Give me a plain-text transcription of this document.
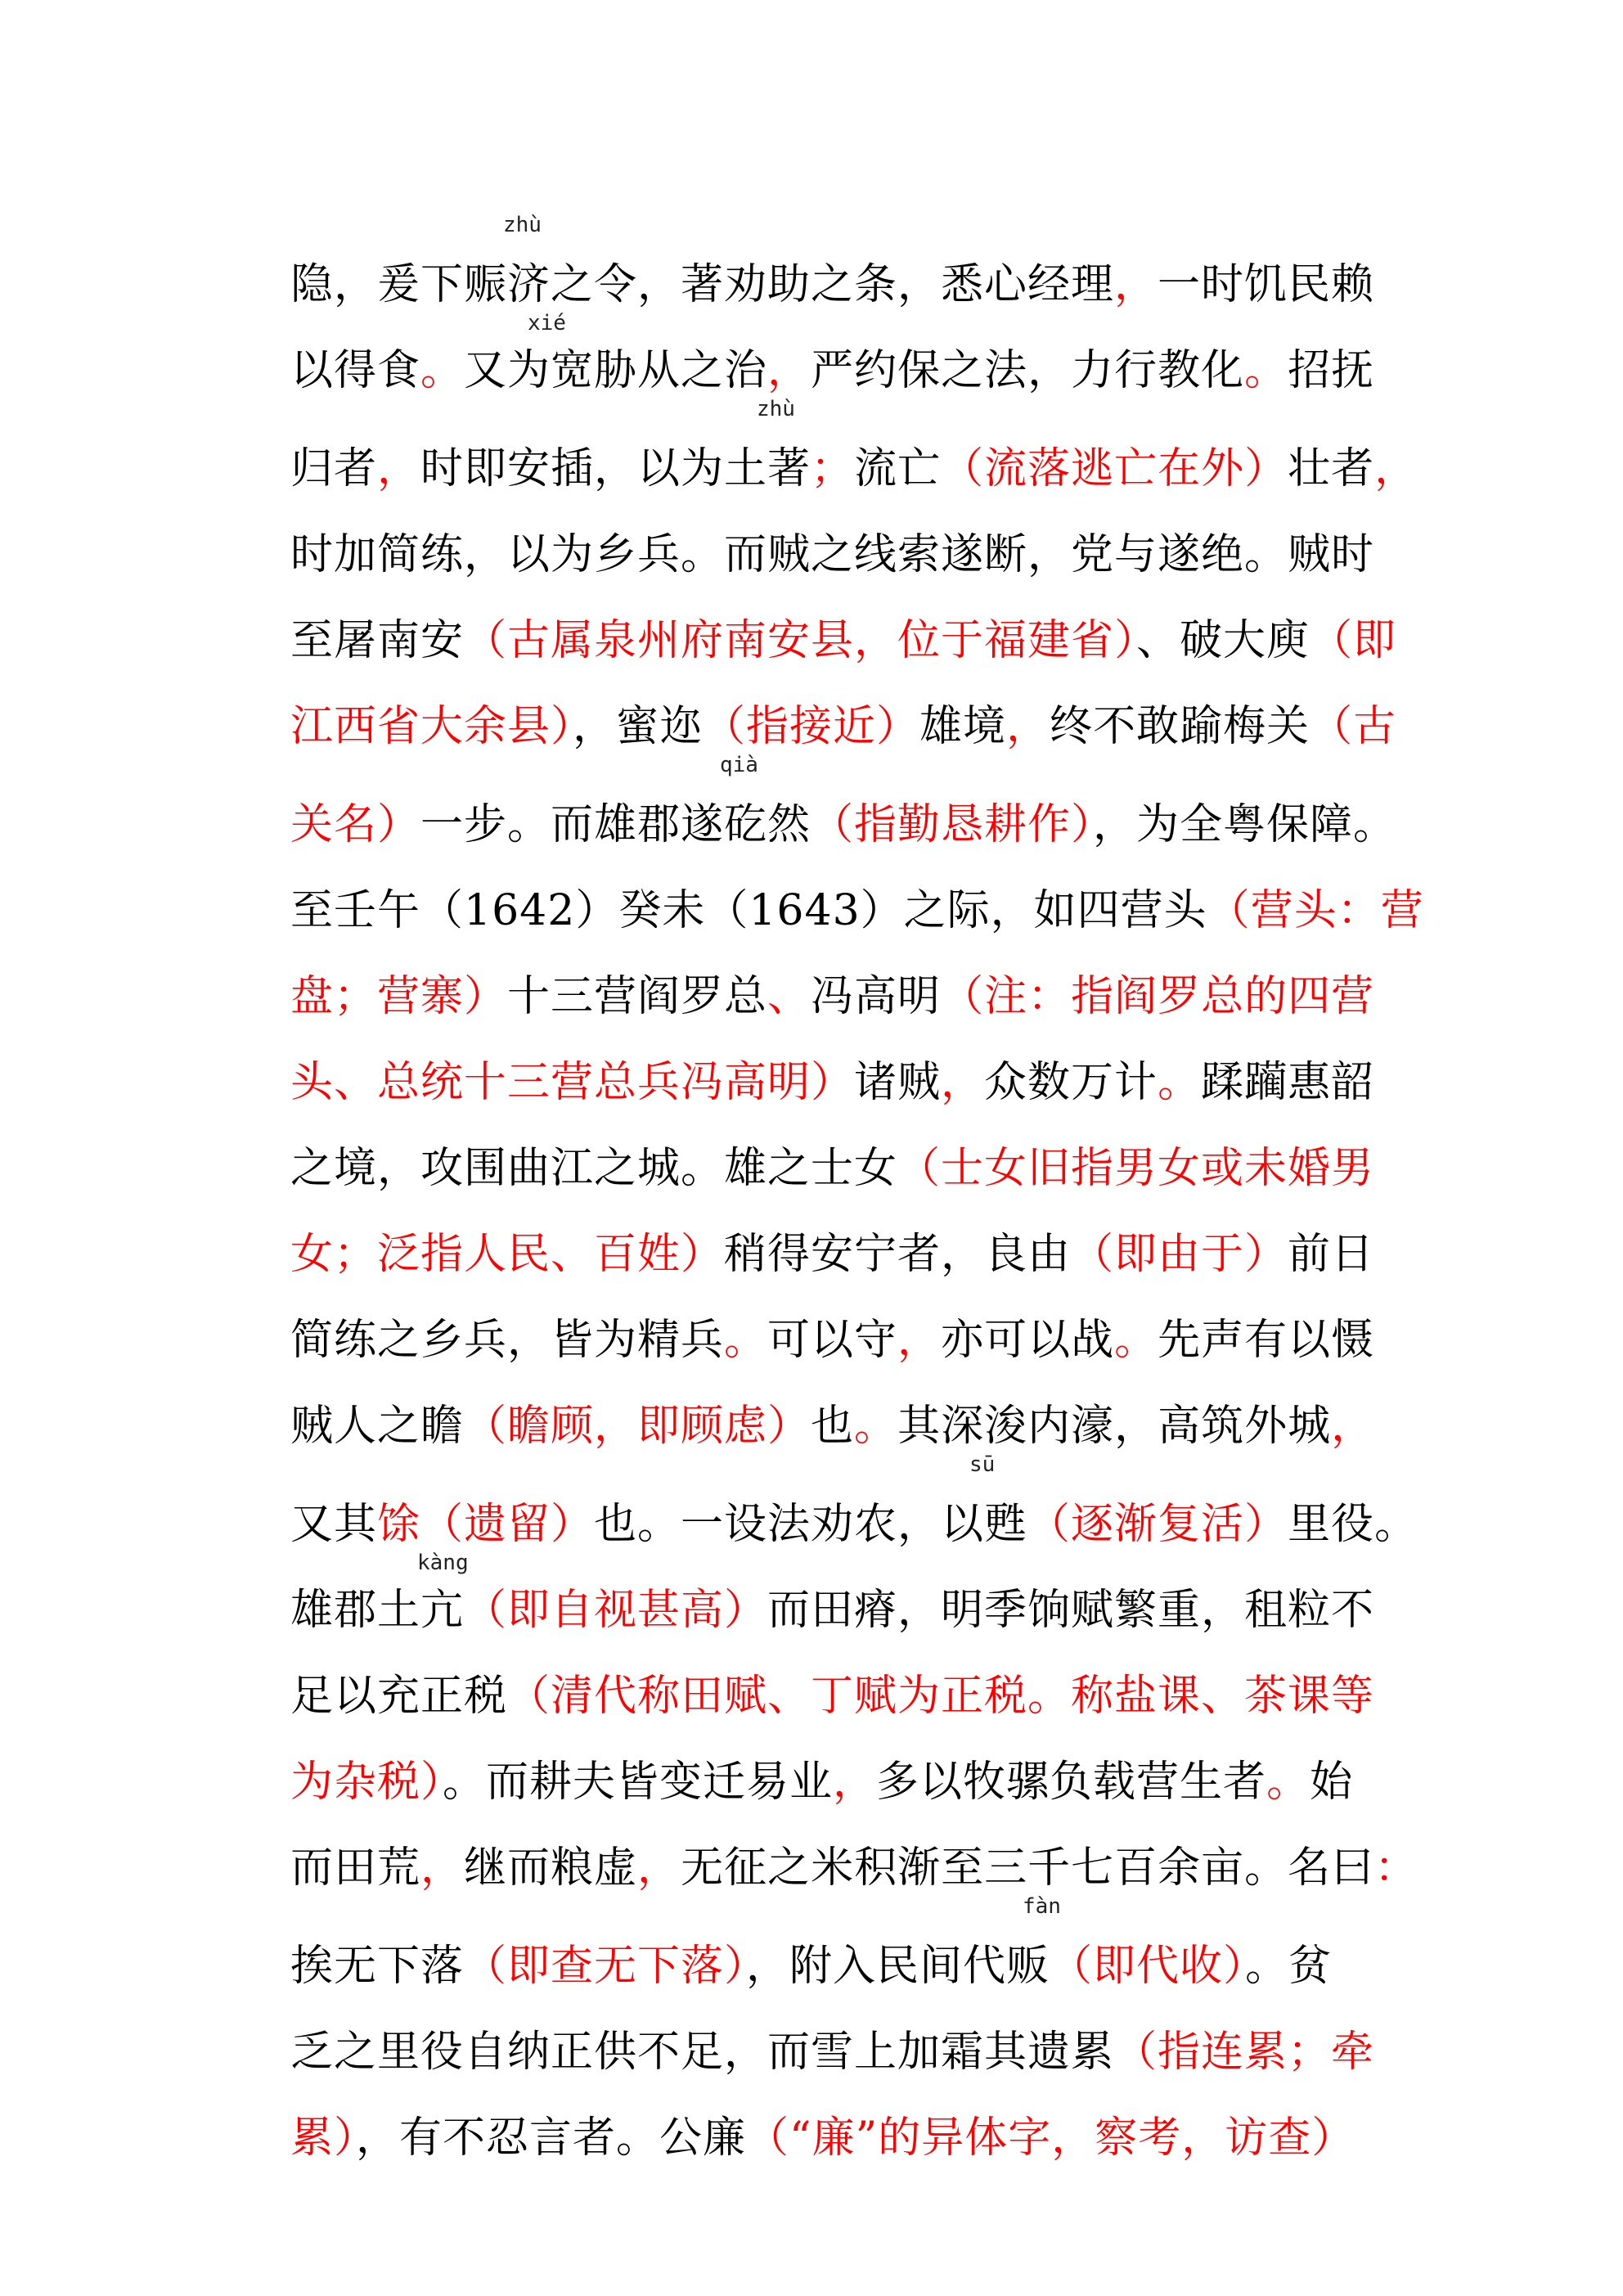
zhù
隐，爰下赈济之令，著劝助之条，悉心经理，一时饥民赖
xié
以得食。又为宽胁从之治，严约保之法，力行教化。招抚
zhù
归者，时即安插，以为土著；流亡（流落逃亡在外）壮者，
时加简练，以为乡兵。而贼之线索遂断，党与遂绝。贼时
至屠南安（古属泉州府南安县，位于福建省）、破大庾（即
江西省大余县），蜜迩（指接近）雄境，终不敢踰梅关（古
qià
关名）一步。而雄郡遂矻然（指勤恳耕作），为全粤保障。
至壬午（1642）癸未（1643）之际，如四营头（营头：营
盘；营寨）十三营阎罗总、冯高明（注：指阎罗总的四营
头、总统十三营总兵冯高明）诸贼，众数万计。蹂躏惠韶
之境，攻围曲江之城。雄之士女（士女旧指男女或未婚男
女；泛指人民、百姓）稍得安宁者，良由（即由于）前日
简练之乡兵，皆为精兵。可以守，亦可以战。先声有以慑
贼人之瞻（瞻顾，即顾虑）也。其深浚内濠，高筑外城，
sū
又其馀（遗留）也。一设法劝农，以甦（逐渐复活）里役。
kàng
雄郡土亢（即自视甚高）而田瘠，明季饷赋繁重，租粒不
足以充正税（清代称田赋、丁赋为正税。称盐课、茶课等
为杂税）。而耕夫皆变迁易业，多以牧骡负载营生者。始
而田荒，继而粮虚，无征之米积渐至三千七百余亩。名曰：
fàn
挨无下落（即查无下落），附入民间代贩（即代收）。贫
乏之里役自纳正供不足，而雪上加霜其遗累（指连累；牵
累），有不忍言者。公廉（“廉”的异体字，察考，访查）
